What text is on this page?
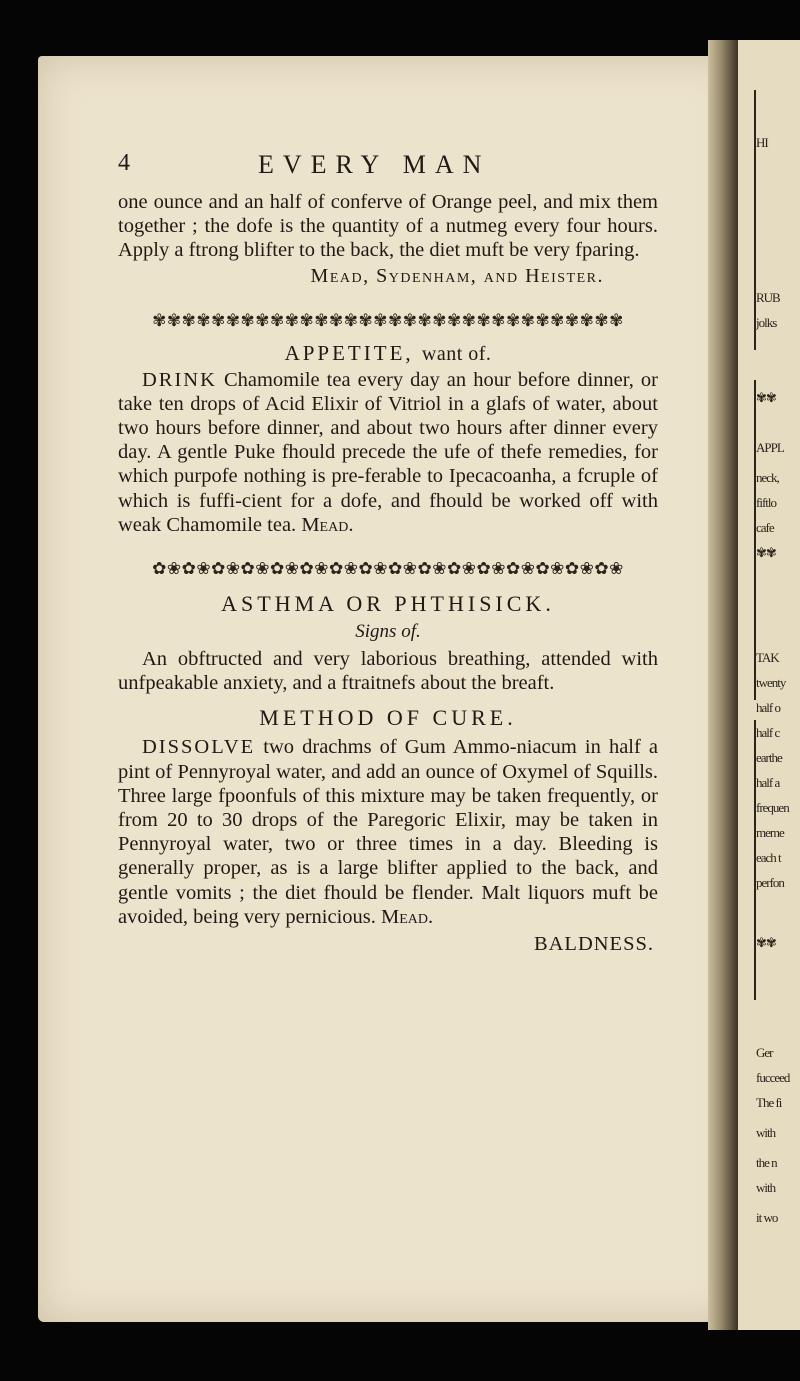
HI
RUB
jolks
✾✾
APPL
neck,
fiftlo
cafe
✾✾
TAK
twenty
half o
half c
earthe
half a
frequen
meme
each t
perfon
✾✾
Ger
fucceed
The fi
with
the n
with
it wo
4	EVERY MAN

one ounce and an half of conferve of Orange peel, and mix them together ; the dofe is the quantity of a nutmeg every four hours. Apply a ftrong blifter to the back, the diet muft be very fparing.

Mead, Sydenham, and Heister.

✾✾✾✾✾✾✾✾✾✾✾✾✾✾✾✾✾✾✾✾✾✾✾✾✾✾✾✾✾✾✾✾
APPETITE, want of.

DRINK Chamomile tea every day an hour before dinner, or take ten drops of Acid Elixir of Vitriol in a glafs of water, about two hours before dinner, and about two hours after dinner every day. A gentle Puke fhould precede the ufe of thefe remedies, for which purpofe nothing is pre-ferable to Ipecacoanha, a fcruple of which is fuffi-cient for a dofe, and fhould be worked off with weak Chamomile tea. Mead.

✿❀✿❀✿❀✿❀✿❀✿❀✿❀✿❀✿❀✿❀✿❀✿❀✿❀✿❀✿❀✿❀
ASTHMA OR PHTHISICK.
Signs of.

An obftructed and very laborious breathing, attended with unfpeakable anxiety, and a ftraitnefs about the breaft.

METHOD OF CURE.

DISSOLVE two drachms of Gum Ammo-niacum in half a pint of Pennyroyal water, and add an ounce of Oxymel of Squills. Three large fpoonfuls of this mixture may be taken frequently, or from 20 to 30 drops of the Paregoric Elixir, may be taken in Pennyroyal water, two or three times in a day. Bleeding is generally proper, as is a large blifter applied to the back, and gentle vomits ; the diet fhould be flender. Malt liquors muft be avoided, being very pernicious. Mead.

BALDNESS.
